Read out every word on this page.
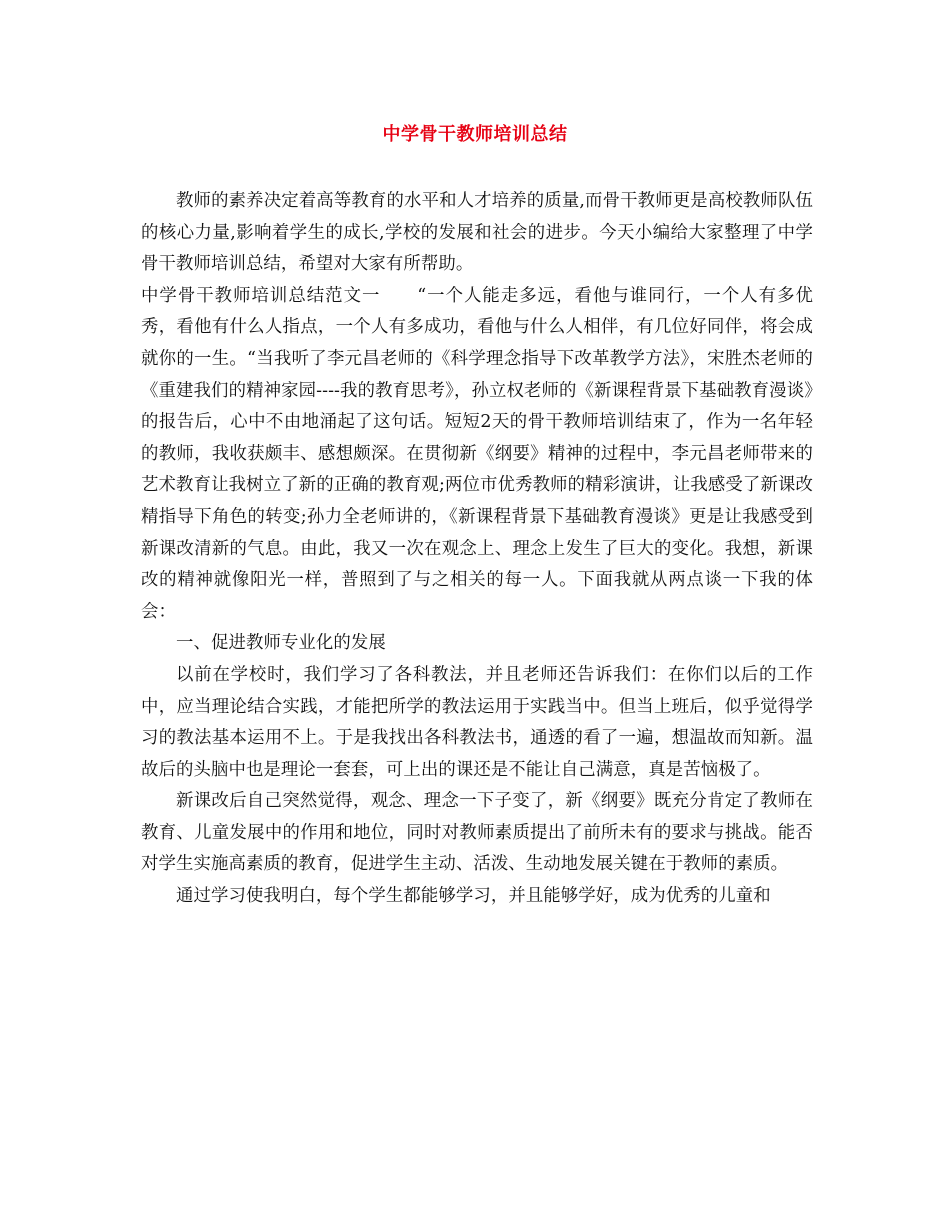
中学骨干教师培训总结

教师的素养决定着高等教育的水平和人才培养的质量,而骨干教师更是高校教师队伍的核心力量,影响着学生的成长,学校的发展和社会的进步。今天小编给大家整理了中学骨干教师培训总结，希望对大家有所帮助。

中学骨干教师培训总结范文一　　“一个人能走多远，看他与谁同行，一个人有多优秀，看他有什么人指点，一个人有多成功，看他与什么人相伴，有几位好同伴，将会成就你的一生。“当我听了李元昌老师的《科学理念指导下改革教学方法》，宋胜杰老师的《重建我们的精神家园----我的教育思考》，孙立权老师的《新课程背景下基础教育漫谈》的报告后，心中不由地涌起了这句话。短短2天的骨干教师培训结束了，作为一名年轻的教师，我收获颇丰、感想颇深。在贯彻新《纲要》精神的过程中，李元昌老师带来的艺术教育让我树立了新的正确的教育观;两位市优秀教师的精彩演讲，让我感受了新课改精指导下角色的转变;孙力全老师讲的，《新课程背景下基础教育漫谈》更是让我感受到新课改清新的气息。由此，我又一次在观念上、理念上发生了巨大的变化。我想，新课改的精神就像阳光一样，普照到了与之相关的每一人。下面我就从两点谈一下我的体会：

一、促进教师专业化的发展

以前在学校时，我们学习了各科教法，并且老师还告诉我们：在你们以后的工作中，应当理论结合实践，才能把所学的教法运用于实践当中。但当上班后，似乎觉得学习的教法基本运用不上。于是我找出各科教法书，通透的看了一遍，想温故而知新。温故后的头脑中也是理论一套套，可上出的课还是不能让自己满意，真是苦恼极了。

新课改后自己突然觉得，观念、理念一下子变了，新《纲要》既充分肯定了教师在教育、儿童发展中的作用和地位，同时对教师素质提出了前所未有的要求与挑战。能否对学生实施高素质的教育，促进学生主动、活泼、生动地发展关键在于教师的素质。

通过学习使我明白，每个学生都能够学习，并且能够学好，成为优秀的儿童和
